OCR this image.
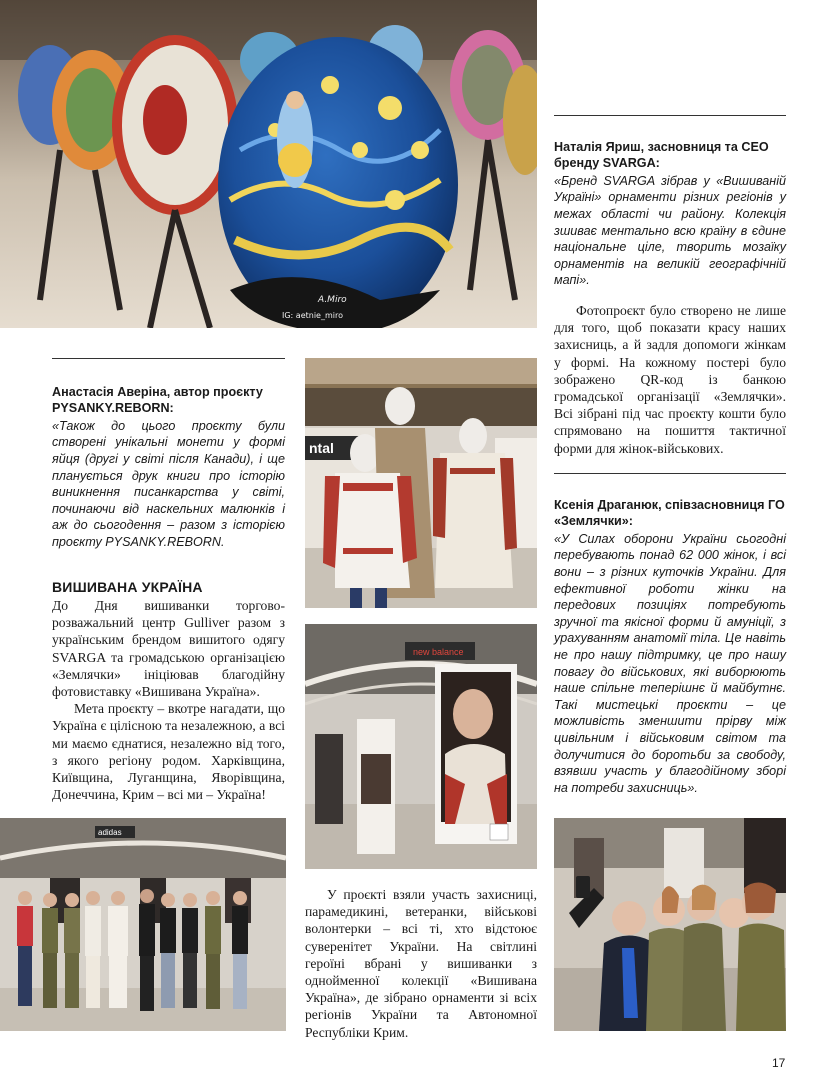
A.Miro
IG: aetnie_miro
ntal
new balance
adidas
Наталія Яриш, засновниця та CEO бренду SVARGA:
«Бренд SVARGA зібрав у «Вишиваній Україні» орнаменти різних регіонів у межах області чи району. Колекція зшиває ментально всю країну в єдине національне ціле, творить мозаїку орнаментів на великій географічній мапі».

Фотопроєкт було створено не лише для того, щоб показати красу наших захисниць, а й задля допомоги жінкам у формі. На кожному постері було зображено QR-код із банкою громадської організації «Землячки». Всі зібрані під час проєкту кошти було спрямовано на пошиття тактичної форми для жінок-військових.

Ксенія Драганюк, співзасновниця ГО «Землячки»:
«У Силах оборони України сьогодні перебувають понад 62 000 жінок, і всі вони – з різних куточків України. Для ефективної роботи жінки на передових позиціях потребують зручної та якісної форми й амуніції, з урахуванням анатомії тіла. Це навіть не про нашу підтримку, це про нашу повагу до військових, які виборюють наше спільне теперішнє й майбутнє. Такі мистецькі проєкти – це можливість зменшити прірву між цивільним і військовим світом та долучитися до боротьби за свободу, взявши участь у благодійному зборі на потреби захисниць».
Анастасія Аверіна, автор проєкту PYSANKY.REBORN:
«Також до цього проєкту були створені унікальні монети у формі яйця (другі у світі після Канади), і ще планується друк книги про історію виникнення писанкарства у світі, починаючи від наскельних малюнків і аж до сьогодення – разом з історією проєкту PYSANKY.REBORN.
ВИШИВАНА УКРАЇНА

До Дня вишиванки торгово-розважальний центр Gulliver разом з українським брендом вишитого одягу SVARGA та громадською організацією «Землячки» ініціював благодійну фотовиставку «Вишивана Україна».

Мета проєкту – вкотре нагадати, що Україна є цілісною та незалежною, а всі ми маємо єднатися, незалежно від того, з якого регіону родом. Харківщина, Київщина, Луганщина, Яворівщина, Донеччина, Крим – всі ми – Україна!

У проєкті взяли участь захисниці, парамедикині, ветеранки, військові волонтерки – всі ті, хто відстоює суверенітет України. На світлині героїні вбрані у вишиванки з однойменної колекції «Вишивана Україна», де зібрано орнаменти зі всіх регіонів України та Автономної Республіки Крим.

17
